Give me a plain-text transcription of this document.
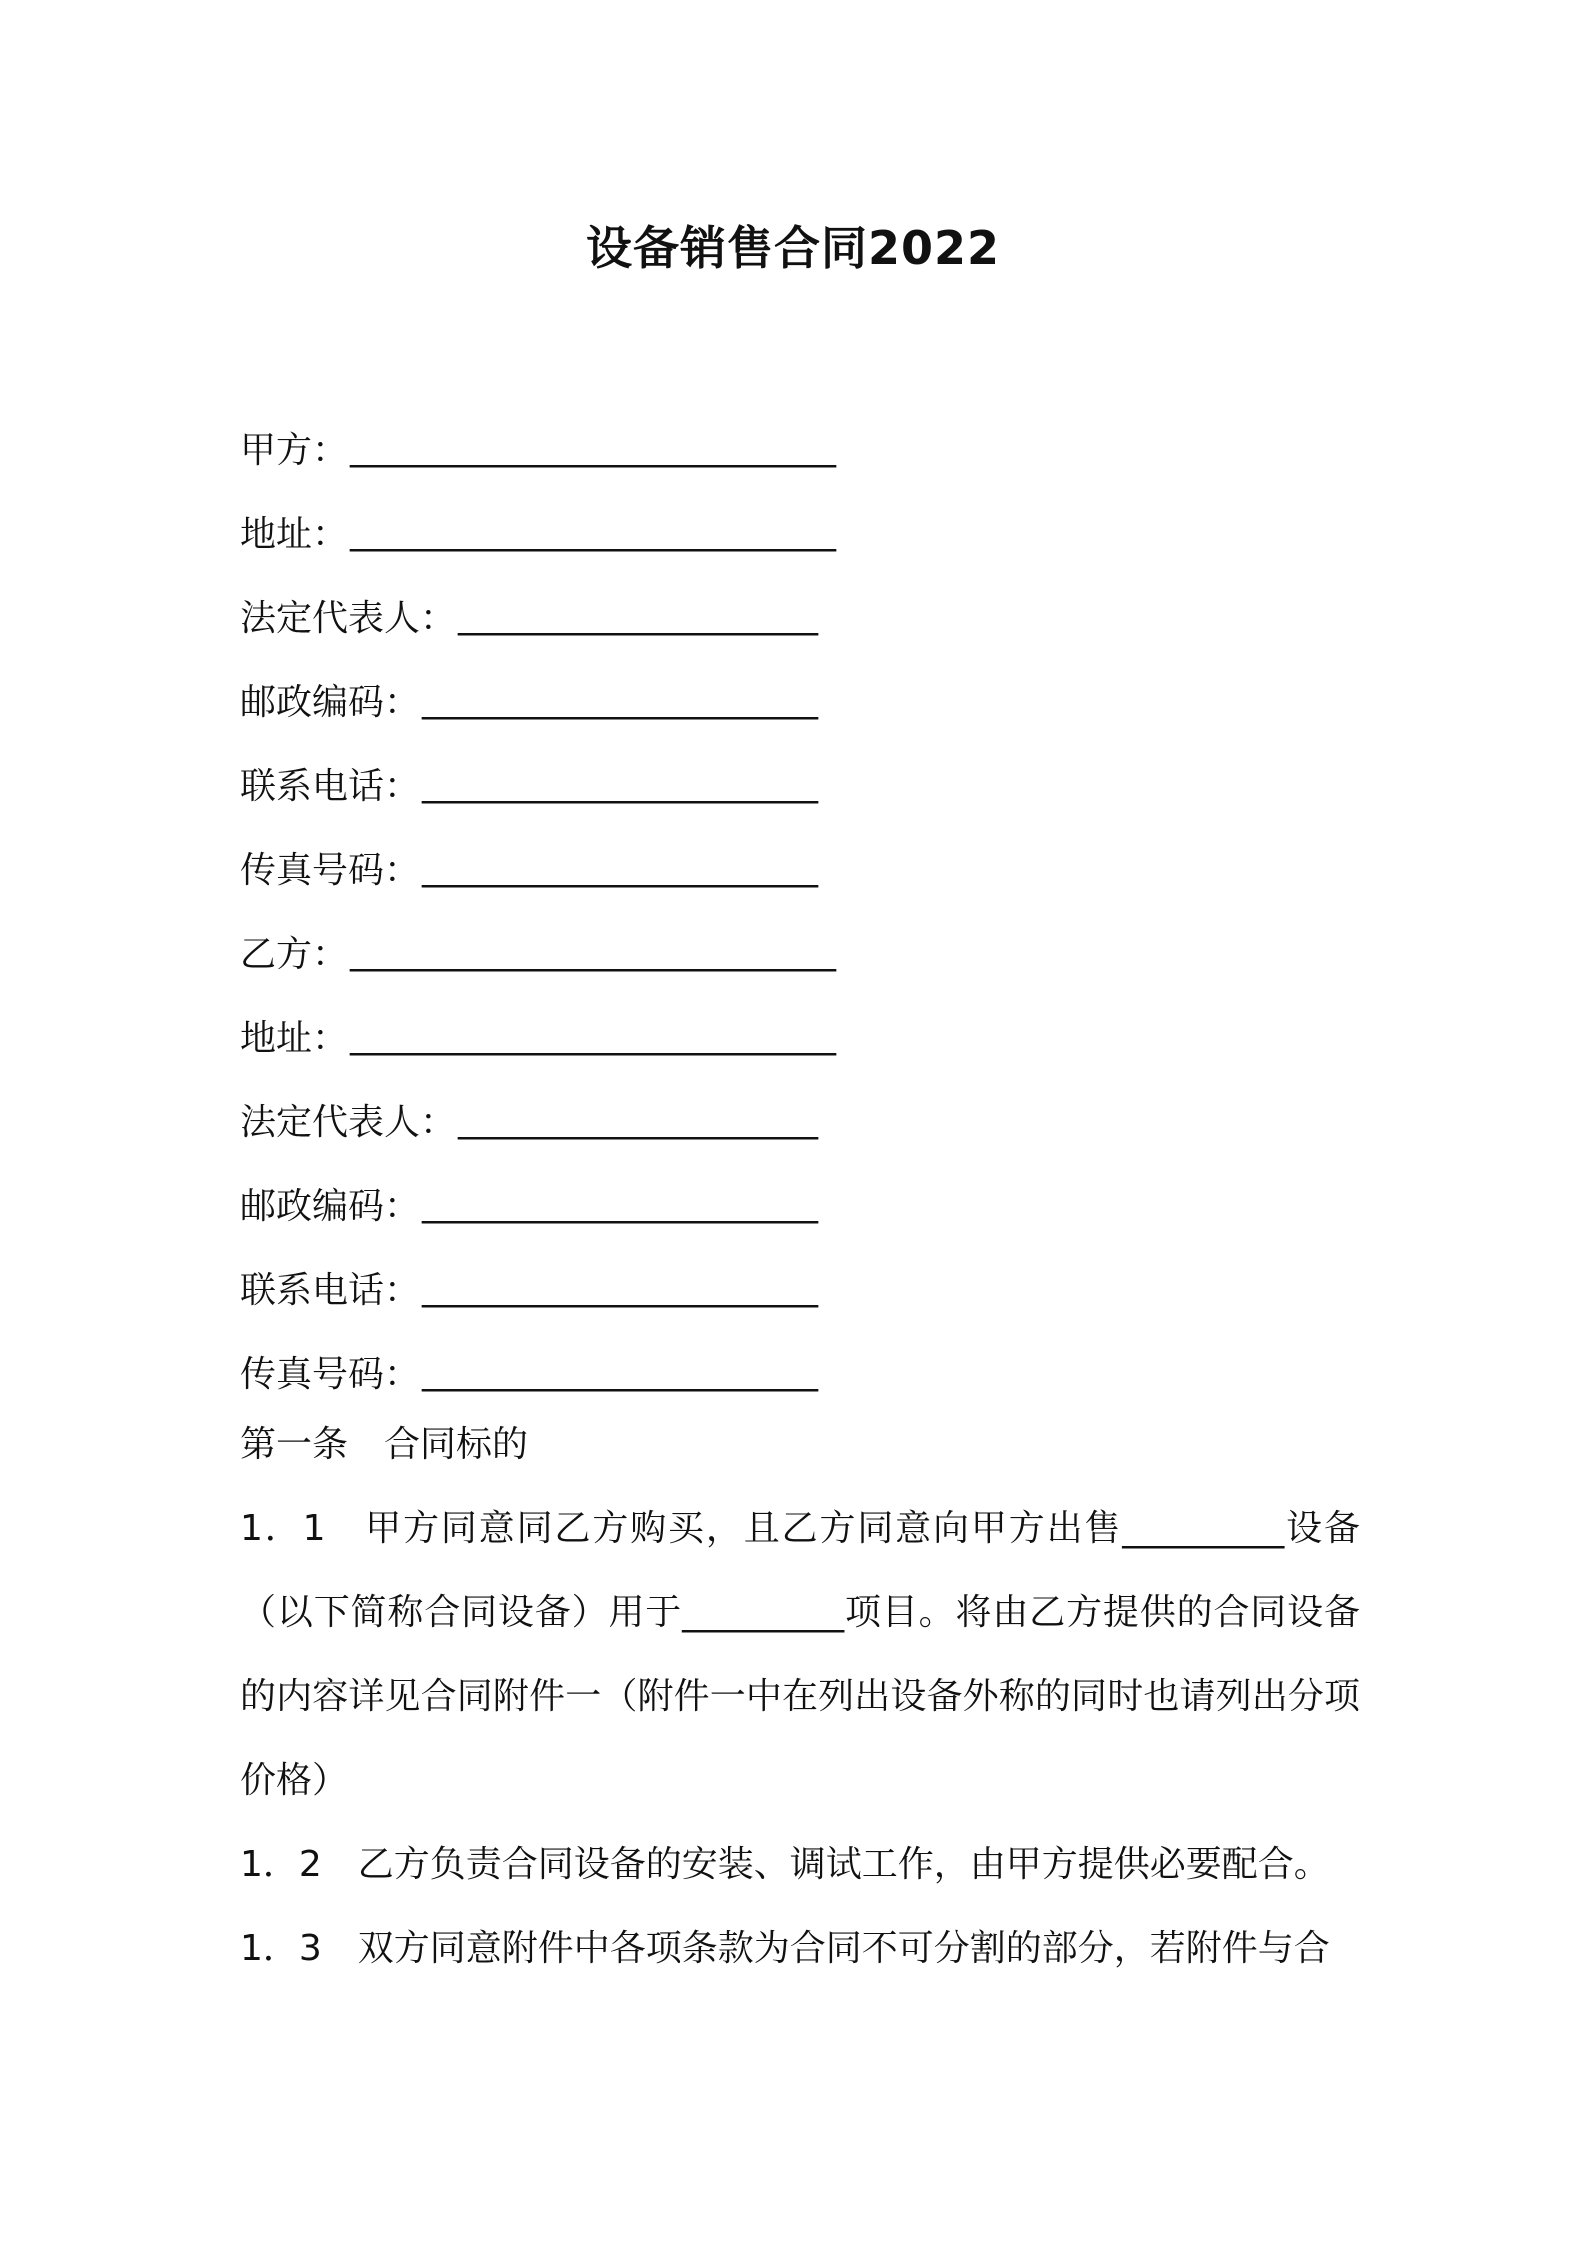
设备销售合同2022
甲方： ___________________________
地址： ___________________________
法定代表人： ____________________
邮政编码： ______________________
联系电话： ______________________
传真号码： ______________________
乙方： ___________________________
地址： ___________________________
法定代表人： ____________________
邮政编码： ______________________
联系电话： ______________________
传真号码： ______________________
第一条　合同标的

1．1　甲方同意同乙方购买，且乙方同意向甲方出售_________设备（以下简称合同设备）用于_________项目。将由乙方提供的合同设备的内容详见合同附件一（附件一中在列出设备外称的同时也请列出分项价格）

1．2　乙方负责合同设备的安装、调试工作，由甲方提供必要配合。

1．3　双方同意附件中各项条款为合同不可分割的部分，若附件与合
